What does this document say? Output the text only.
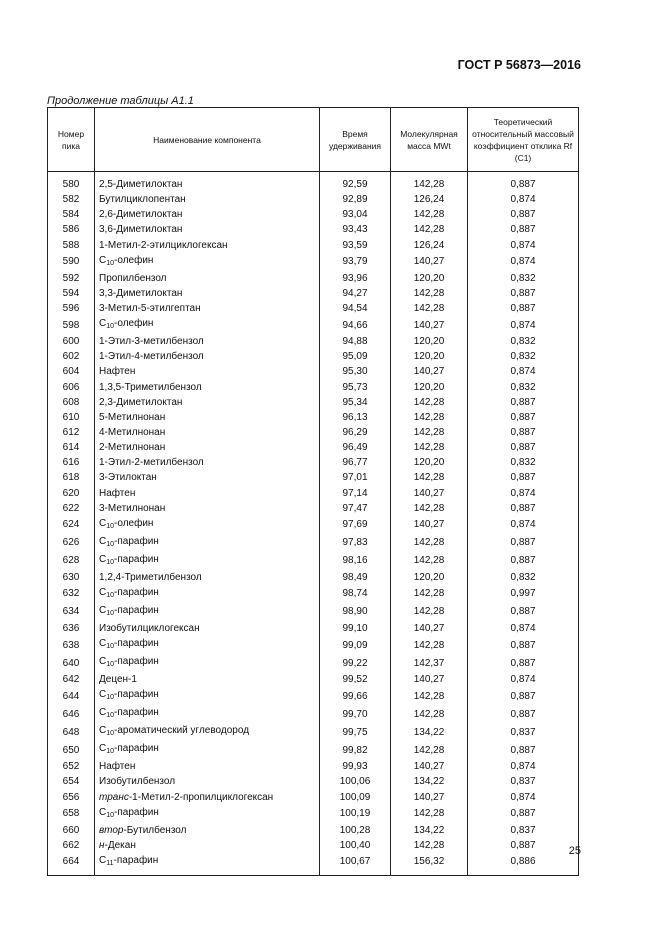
ГОСТ Р 56873—2016
Продолжение таблицы А1.1
Номер пика	Наименование компонента	Время удерживания	Молекулярная масса MWt	Теоретический относительный массовый коэффициент отклика Rf (C1)
580	2,5-Диметилоктан	92,59	142,28	0,887
582	Бутилциклопентан	92,89	126,24	0,874
584	2,6-Диметилоктан	93,04	142,28	0,887
586	3,6-Диметилоктан	93,43	142,28	0,887
588	1-Метил-2-этилциклогексан	93,59	126,24	0,874
590	$С_{10}$-олефин	93,79	140,27	0,874
592	Пропилбензол	93,96	120,20	0,832
594	3,3-Диметилоктан	94,27	142,28	0,887
596	3-Метил-5-этилгептан	94,54	142,28	0,887
598	$С_{10}$-олефин	94,66	140,27	0,874
600	1-Этил-3-метилбензол	94,88	120,20	0,832
602	1-Этил-4-метилбензол	95,09	120,20	0,832
604	Нафтен	95,30	140,27	0,874
606	1,3,5-Триметилбензол	95,73	120,20	0,832
608	2,3-Диметилоктан	95,34	142,28	0,887
610	5-Метилнонан	96,13	142,28	0,887
612	4-Метилнонан	96,29	142,28	0,887
614	2-Метилнонан	96,49	142,28	0,887
616	1-Этил-2-метилбензол	96,77	120,20	0,832
618	3-Этилоктан	97,01	142,28	0,887
620	Нафтен	97,14	140,27	0,874
622	3-Метилнонан	97,47	142,28	0,887
624	$С_{10}$-олефин	97,69	140,27	0,874
626	$С_{10}$-парафин	97,83	142,28	0,887
628	$С_{10}$-парафин	98,16	142,28	0,887
630	1,2,4-Триметилбензол	98,49	120,20	0,832
632	$С_{10}$-парафин	98,74	142,28	0,997
634	$С_{10}$-парафин	98,90	142,28	0,887
636	Изобутилциклогексан	99,10	140,27	0,874
638	$С_{10}$-парафин	99,09	142,28	0,887
640	$С_{10}$-парафин	99,22	142,37	0,887
642	Децен-1	99,52	140,27	0,874
644	$С_{10}$-парафин	99,66	142,28	0,887
646	$С_{10}$-парафин	99,70	142,28	0,887
648	$С_{10}$-ароматический углеводород	99,75	134,22	0,837
650	$С_{10}$-парафин	99,82	142,28	0,887
652	Нафтен	99,93	140,27	0,874
654	Изобутилбензол	100,06	134,22	0,837
656	транс-1-Метил-2-пропилциклогексан	100,09	140,27	0,874
658	$С_{10}$-парафин	100,19	142,28	0,887
660	втор-Бутилбензол	100,28	134,22	0,837
662	н-Декан	100,40	142,28	0,887
664	$С_{11}$-парафин	100,67	156,32	0,886
25
